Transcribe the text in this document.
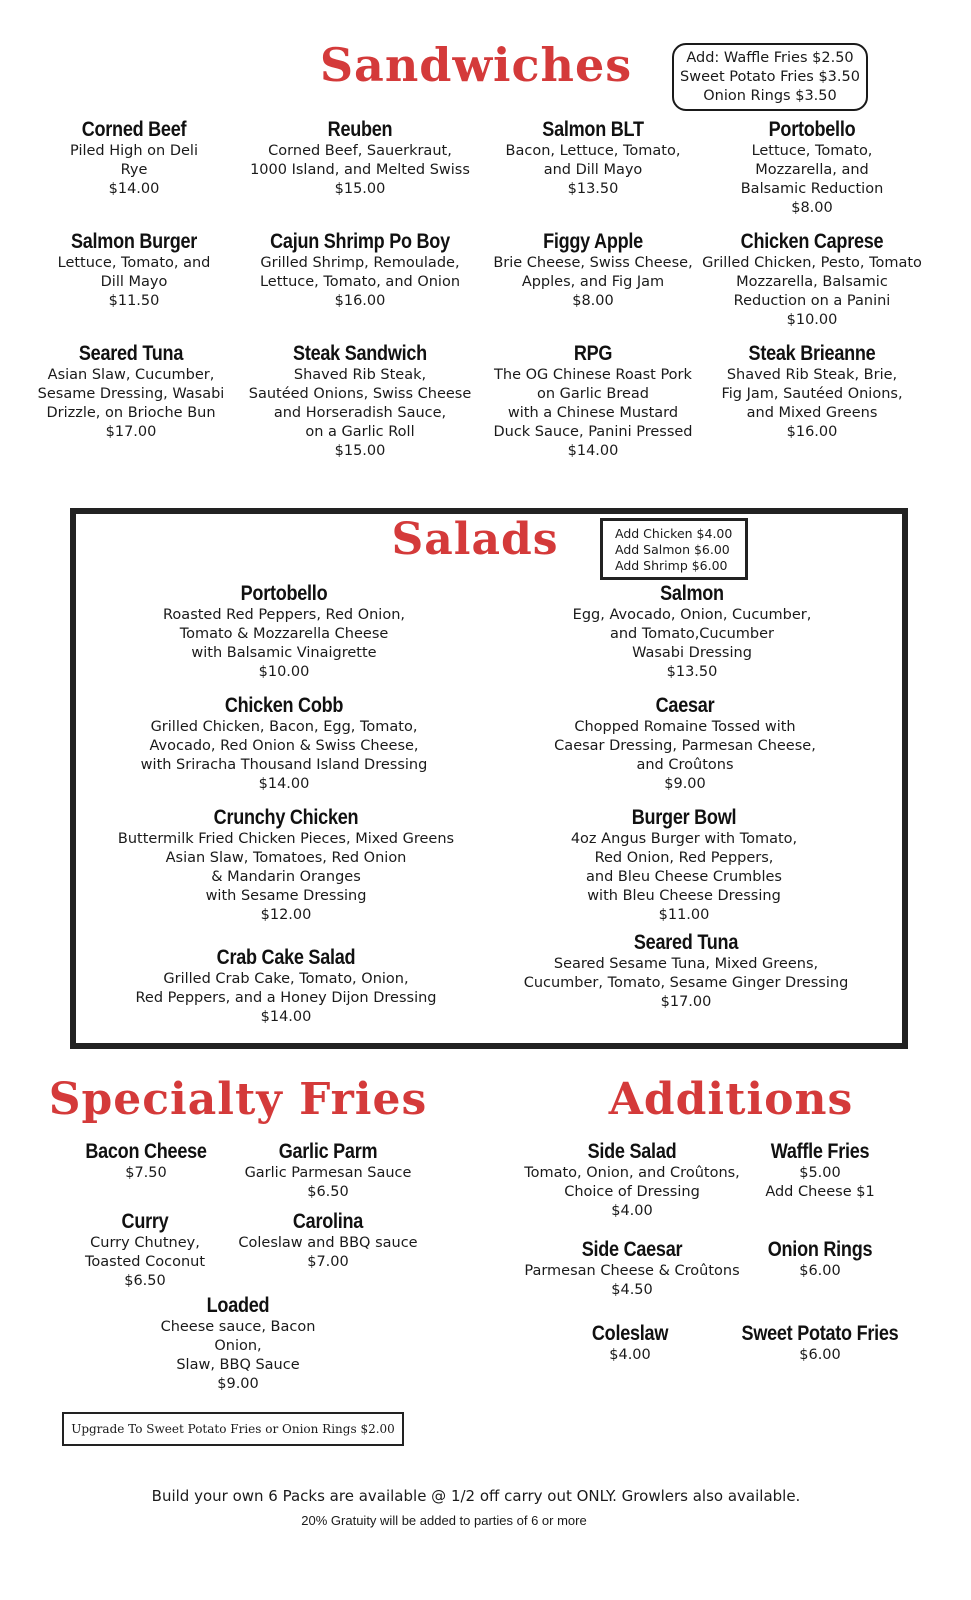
Sandwiches	Add: Waffle Fries $2.50
Sweet Potato Fries $3.50
Onion Rings $3.50
Corned Beef
Piled High on Deli
Rye
$14.00
Reuben
Corned Beef, Sauerkraut,
1000 Island, and Melted Swiss
$15.00
Salmon BLT
Bacon, Lettuce, Tomato,
and Dill Mayo
$13.50
Portobello
Lettuce, Tomato,
Mozzarella, and
Balsamic Reduction
$8.00
Salmon Burger
Lettuce, Tomato, and
Dill Mayo
$11.50
Cajun Shrimp Po Boy
Grilled Shrimp, Remoulade,
Lettuce, Tomato, and Onion
$16.00
Figgy Apple
Brie Cheese, Swiss Cheese,
Apples, and Fig Jam
$8.00
Chicken Caprese
Grilled Chicken, Pesto, Tomato
Mozzarella, Balsamic
Reduction on a Panini
$10.00
Seared Tuna
Asian Slaw, Cucumber,
Sesame Dressing, Wasabi
Drizzle, on Brioche Bun
$17.00
Steak Sandwich
Shaved Rib Steak,
Sautéed Onions, Swiss Cheese
and Horseradish Sauce,
on a Garlic Roll
$15.00
RPG
The OG Chinese Roast Pork
on Garlic Bread
with a Chinese Mustard
Duck Sauce, Panini Pressed
$14.00
Steak Brieanne
Shaved Rib Steak, Brie,
Fig Jam, Sautéed Onions,
and Mixed Greens
$16.00
Salads	Add Chicken $4.00
Add Salmon $6.00
Add Shrimp $6.00
Portobello
Roasted Red Peppers, Red Onion,
Tomato & Mozzarella Cheese
with Balsamic Vinaigrette
$10.00
Salmon
Egg, Avocado, Onion, Cucumber,
and Tomato,Cucumber
Wasabi Dressing
$13.50
Chicken Cobb
Grilled Chicken, Bacon, Egg, Tomato,
Avocado, Red Onion & Swiss Cheese,
with Sriracha Thousand Island Dressing
$14.00
Caesar
Chopped Romaine Tossed with
Caesar Dressing, Parmesan Cheese,
and Croûtons
$9.00
Crunchy Chicken
Buttermilk Fried Chicken Pieces, Mixed Greens
Asian Slaw, Tomatoes, Red Onion
& Mandarin Oranges
with Sesame Dressing
$12.00
Burger Bowl
4oz Angus Burger with Tomato,
Red Onion, Red Peppers,
and Bleu Cheese Crumbles
with Bleu Cheese Dressing
$11.00
Crab Cake Salad
Grilled Crab Cake, Tomato, Onion,
Red Peppers, and a Honey Dijon Dressing
$14.00
Seared Tuna
Seared Sesame Tuna, Mixed Greens,
Cucumber, Tomato, Sesame Ginger Dressing
$17.00
Specialty Fries
Bacon Cheese
$7.50
Garlic Parm
Garlic Parmesan Sauce
$6.50
Curry
Curry Chutney,
Toasted Coconut
$6.50
Carolina
Coleslaw and BBQ sauce
$7.00
Loaded
Cheese sauce, Bacon
Onion,
Slaw, BBQ Sauce
$9.00
Upgrade To Sweet Potato Fries or Onion Rings $2.00
Additions
Side Salad
Tomato, Onion, and Croûtons,
Choice of Dressing
$4.00
Waffle Fries
$5.00
Add Cheese $1
Side Caesar
Parmesan Cheese & Croûtons
$4.50
Onion Rings
$6.00
Coleslaw
$4.00
Sweet Potato Fries
$6.00
Build your own 6 Packs are available @ 1/2 off carry out ONLY. Growlers also available.
20% Gratuity will be added to parties of 6 or more
